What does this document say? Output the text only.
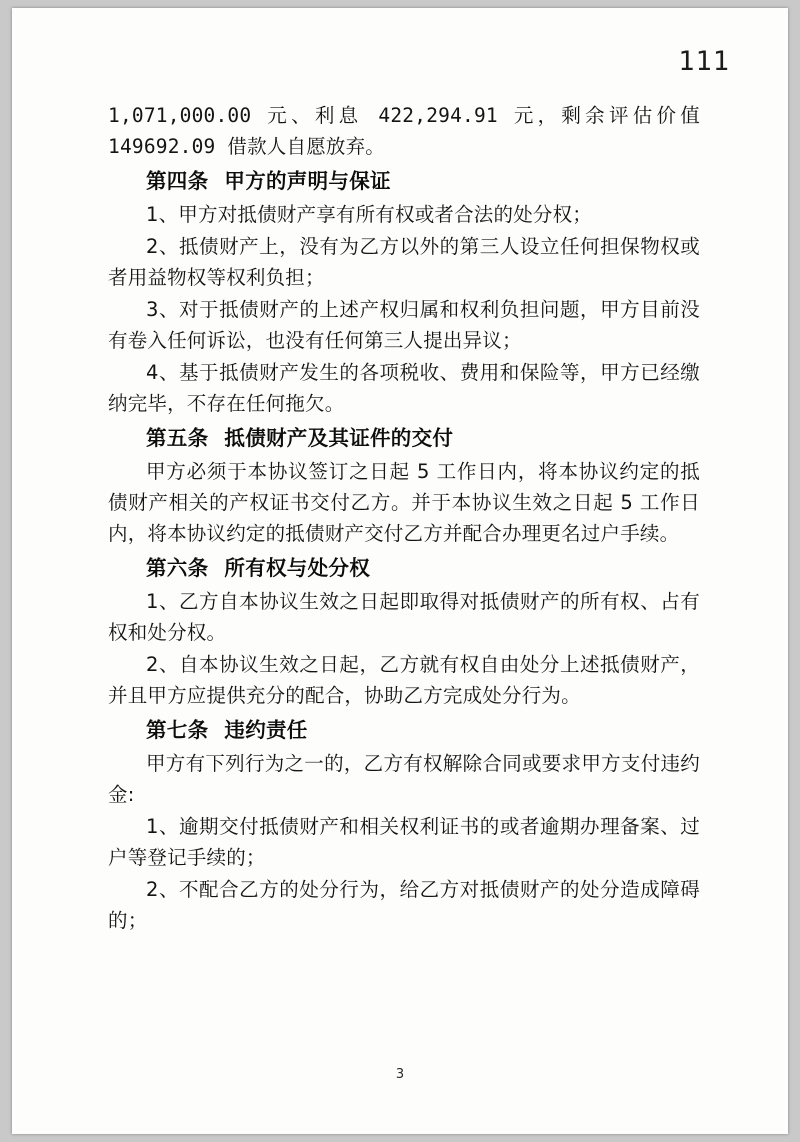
111

1,071,000.00 元、利息 422,294.91 元，剩余评估价值 149692.09 借款人自愿放弃。

第四条 甲方的声明与保证

1、甲方对抵债财产享有所有权或者合法的处分权；

2、抵债财产上，没有为乙方以外的第三人设立任何担保物权或者用益物权等权利负担；

3、对于抵债财产的上述产权归属和权利负担问题，甲方目前没有卷入任何诉讼，也没有任何第三人提出异议；

4、基于抵债财产发生的各项税收、费用和保险等，甲方已经缴纳完毕，不存在任何拖欠。

第五条 抵债财产及其证件的交付

甲方必须于本协议签订之日起 5 工作日内，将本协议约定的抵债财产相关的产权证书交付乙方。并于本协议生效之日起 5 工作日内，将本协议约定的抵债财产交付乙方并配合办理更名过户手续。

第六条 所有权与处分权

1、乙方自本协议生效之日起即取得对抵债财产的所有权、占有权和处分权。

2、自本协议生效之日起，乙方就有权自由处分上述抵债财产，并且甲方应提供充分的配合，协助乙方完成处分行为。

第七条 违约责任

甲方有下列行为之一的，乙方有权解除合同或要求甲方支付违约金:

1、逾期交付抵债财产和相关权利证书的或者逾期办理备案、过户等登记手续的；

2、不配合乙方的处分行为，给乙方对抵债财产的处分造成障碍的；

3
